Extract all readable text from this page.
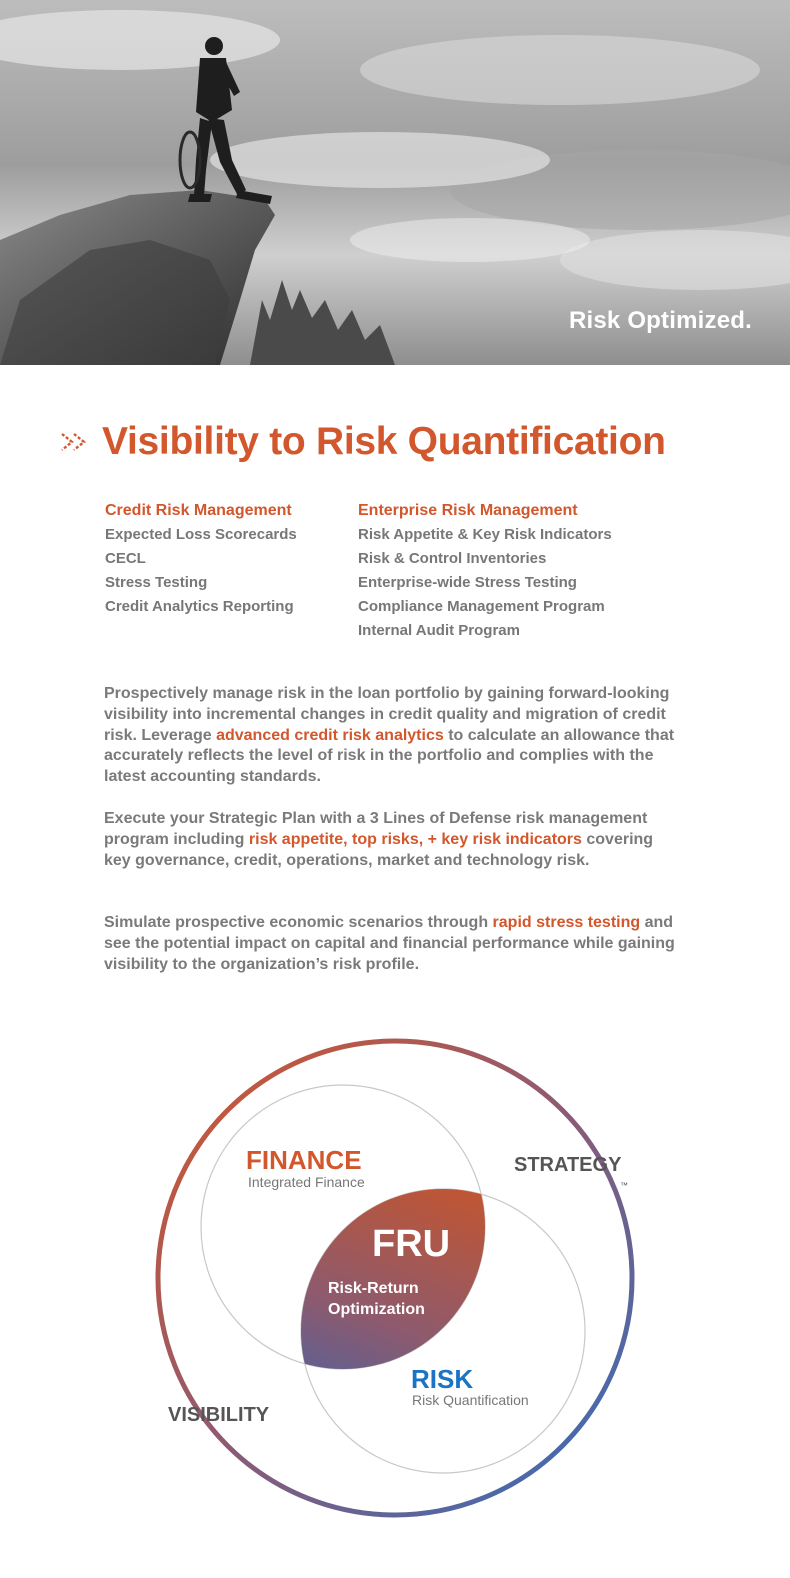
Risk Optimized.
Visibility to Risk Quantification
Credit Risk Management
Expected Loss Scorecards
CECL
Stress Testing
Credit Analytics Reporting
Enterprise Risk Management
Risk Appetite & Key Risk Indicators
Risk & Control Inventories
Enterprise-wide Stress Testing
Compliance Management Program
Internal Audit Program

Prospectively manage risk in the loan portfolio by gaining forward-looking visibility into incremental changes in credit quality and migration of credit risk. Leverage advanced credit risk analytics to calculate an allowance that accurately reflects the level of risk in the portfolio and complies with the latest accounting standards.

Execute your Strategic Plan with a 3 Lines of Defense risk management program including risk appetite, top risks, + key risk indicators covering key governance, credit, operations, market and technology risk.

Simulate prospective economic scenarios through rapid stress testing and see the potential impact on capital and financial performance while gaining visibility to the organization’s risk profile.

FINANCE
Integrated Finance
STRATEGY
™
FRU
Risk-Return
Optimization
RISK
Risk Quantification
VISIBILITY
